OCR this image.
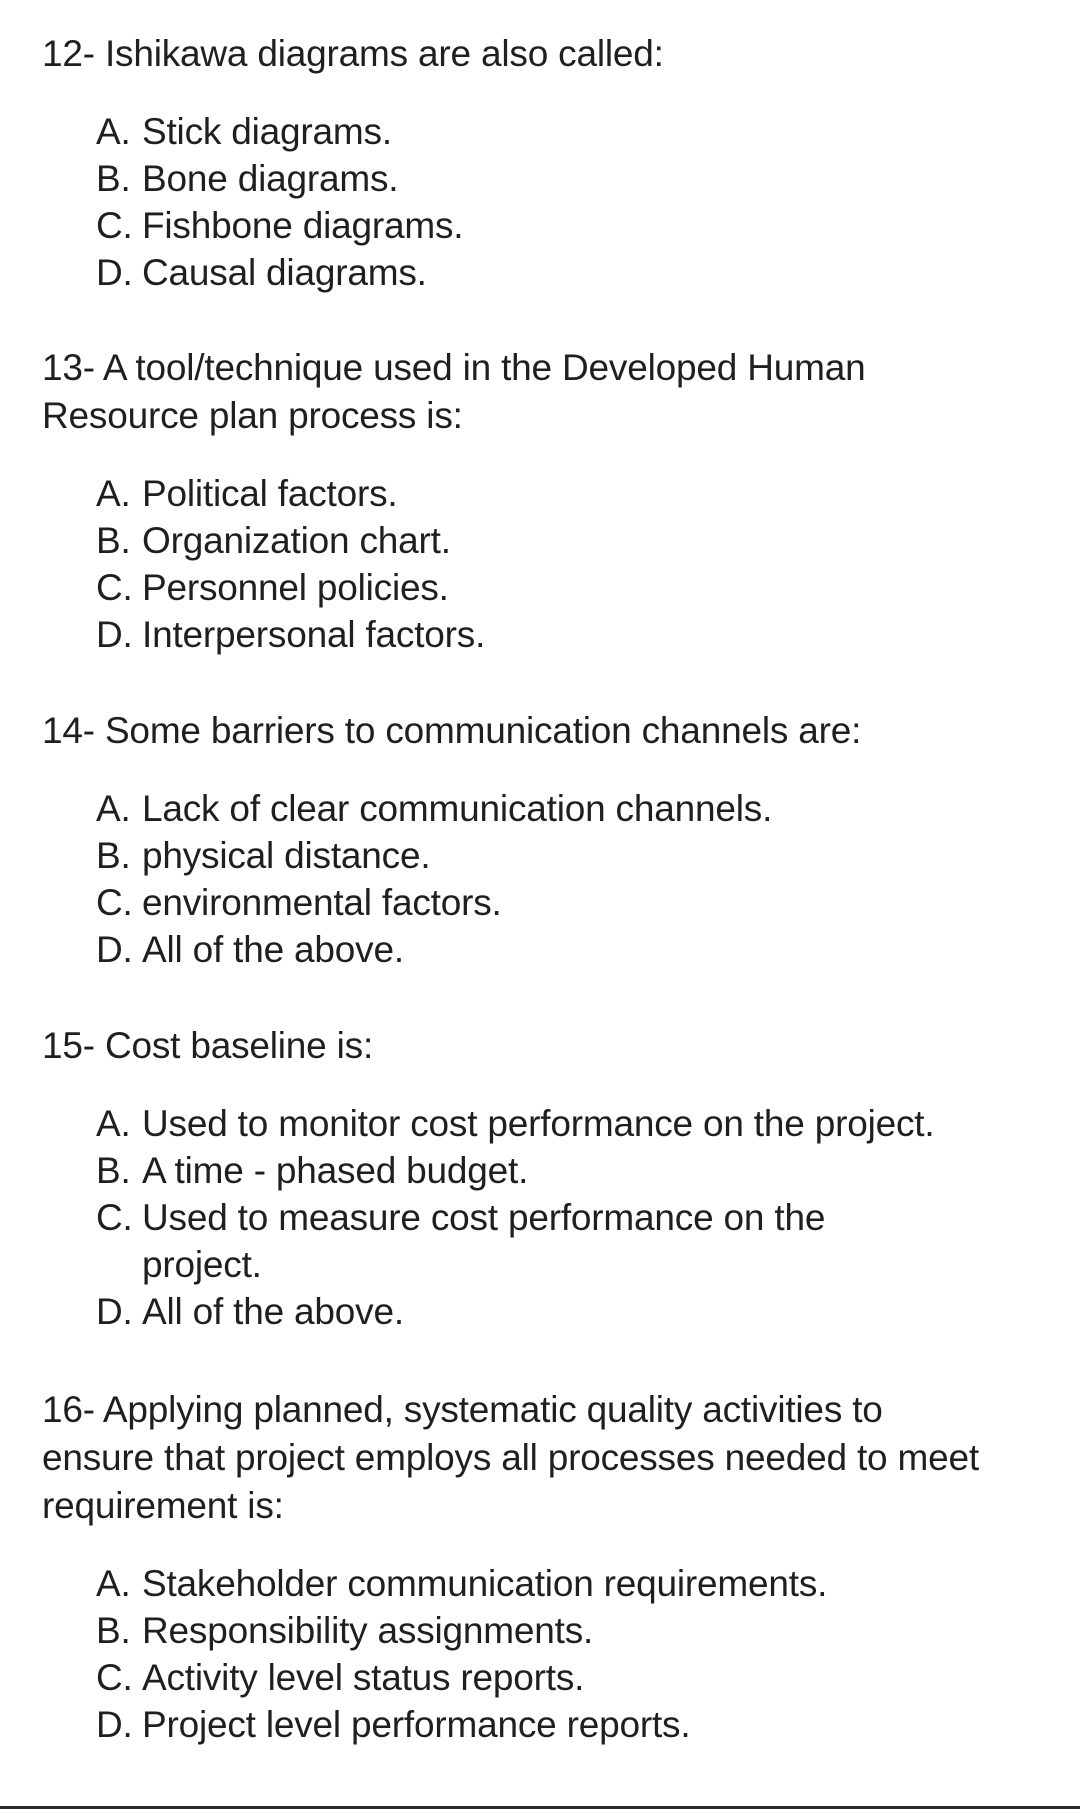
12- Ishikawa diagrams are also called:

A. Stick diagrams.
B. Bone diagrams.
C. Fishbone diagrams.
D. Causal diagrams.

13- A tool/technique used in the Developed Human Resource plan process is:

A. Political factors.
B. Organization chart.
C. Personnel policies.
D. Interpersonal factors.

14- Some barriers to communication channels are:

A. Lack of clear communication channels.
B. physical distance.
C. environmental factors.
D. All of the above.

15- Cost baseline is:

A. Used to monitor cost performance on the project.
B. A time - phased budget.
C. Used to measure cost performance on the project.
D. All of the above.

16- Applying planned, systematic quality activities to ensure that project employs all processes needed to meet requirement is:

A. Stakeholder communication requirements.
B. Responsibility assignments.
C. Activity level status reports.
D. Project level performance reports.
